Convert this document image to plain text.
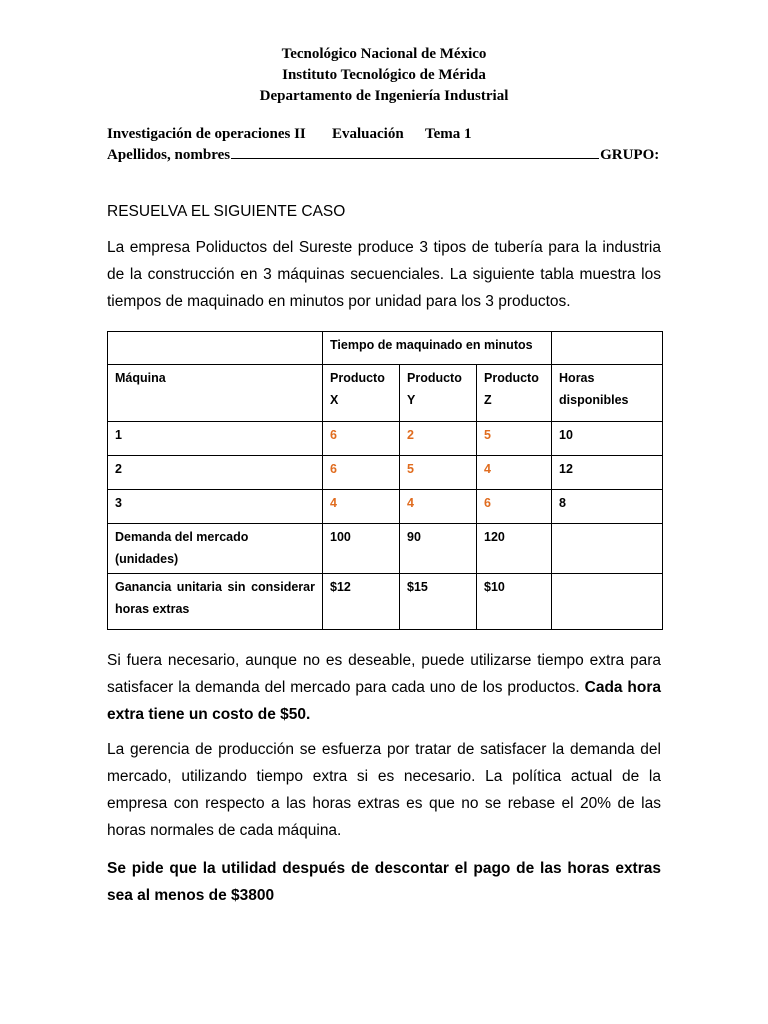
Tecnológico Nacional de México
Instituto Tecnológico de Mérida
Departamento de Ingeniería Industrial
Investigación de operaciones II Evaluación Tema 1
Apellidos, nombres	GRUPO:
RESUELVA EL SIGUIENTE CASO

La empresa Poliductos del Sureste produce 3 tipos de tubería para la industria de la construcción en 3 máquinas secuenciales. La siguiente tabla muestra los tiempos de maquinado en minutos por unidad para los 3 productos.

	Tiempo de maquinado en minutos			
Máquina	Producto X	Producto Y	Producto Z	Horas disponibles
1	6	2	5	10
2	6	5	4	12
3	4	4	6	8
Demanda del mercado (unidades)	100	90	120	
Ganancia unitaria sin considerar horas extras	$12	$15	$10	

Si fuera necesario, aunque no es deseable, puede utilizarse tiempo extra para satisfacer la demanda del mercado para cada uno de los productos. Cada hora extra tiene un costo de $50.

La gerencia de producción se esfuerza por tratar de satisfacer la demanda del mercado, utilizando tiempo extra si es necesario. La política actual de la empresa con respecto a las horas extras es que no se rebase el 20% de las horas normales de cada máquina.

Se pide que la utilidad después de descontar el pago de las horas extras sea al menos de $3800
